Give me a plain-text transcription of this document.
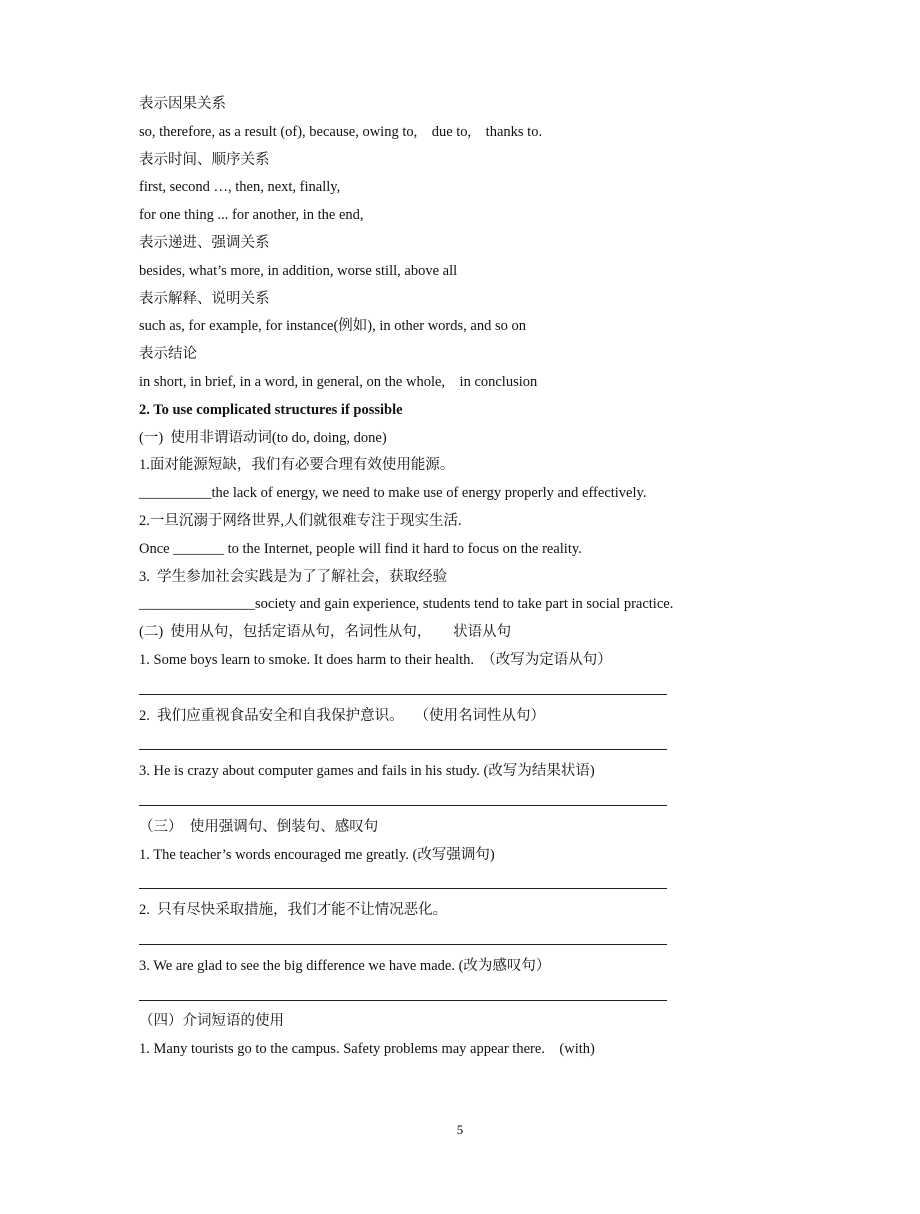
表示因果关系
so, therefore, as a result (of), because, owing to,    due to,    thanks to.
表示时间、顺序关系
first, second …, then, next, finally,
for one thing ... for another, in the end,
表示递进、强调关系
besides, what’s more, in addition, worse still, above all
表示解释、说明关系
such as, for example, for instance(例如), in other words, and so on
表示结论
in short, in brief, in a word, in general, on the whole,    in conclusion
2. To use complicated structures if possible
(一)  使用非谓语动词(to do, doing, done)
1.面对能源短缺，我们有必要合理有效使用能源。
__________the lack of energy, we need to make use of energy properly and effectively.
2.一旦沉溺于网络世界,人们就很难专注于现实生活.
Once _______ to the Internet, people will find it hard to focus on the reality.
3.  学生参加社会实践是为了了解社会，获取经验
________________society and gain experience, students tend to take part in social practice.
(二)  使用从句，包括定语从句，名词性从句，      状语从句
1. Some boys learn to smoke. It does harm to their health.  （改写为定语从句）
2.  我们应重视食品安全和自我保护意识。   （使用名词性从句）
3. He is crazy about computer games and fails in his study. (改写为结果状语)
（三）  使用强调句、倒装句、感叹句
1. The teacher’s words encouraged me greatly. (改写强调句)
2.  只有尽快采取措施，我们才能不让情况恶化。
3. We are glad to see the big difference we have made. (改为感叹句）
（四）介词短语的使用
1. Many tourists go to the campus. Safety problems may appear there.    (with)
5
